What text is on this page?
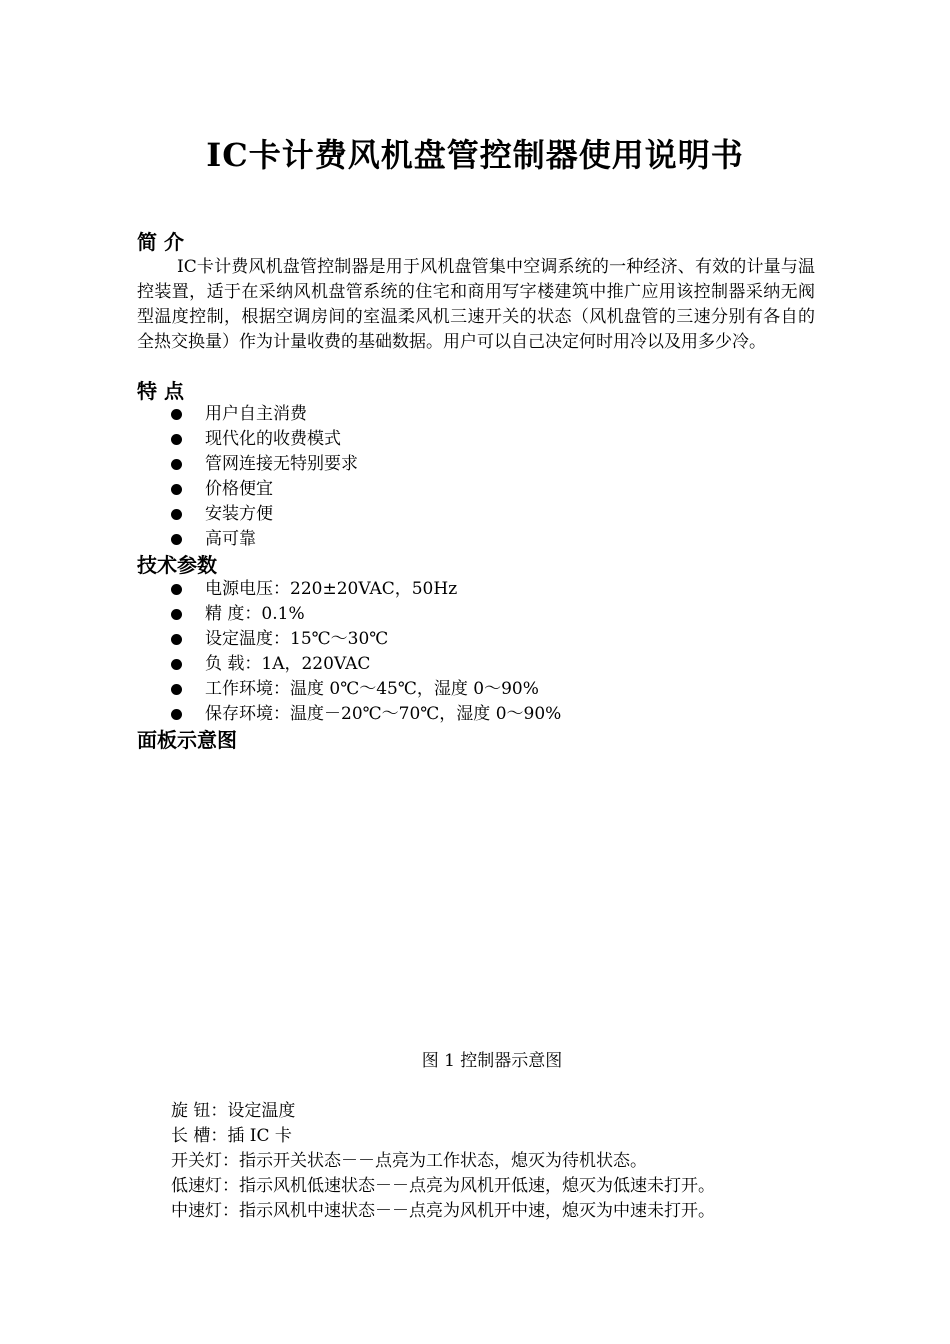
IC卡计费风机盘管控制器使用说明书
简 介
IC卡计费风机盘管控制器是用于风机盘管集中空调系统的一种经济、有效的计量与温控装置，适于在采纳风机盘管系统的住宅和商用写字楼建筑中推广应用该控制器采纳无阀型温度控制，根据空调房间的室温柔风机三速开关的状态（风机盘管的三速分别有各自的全热交换量）作为计量收费的基础数据。用户可以自己决定何时用冷以及用多少冷。
特 点
用户自主消费
现代化的收费模式
管网连接无特别要求
价格便宜
安装方便
高可靠
技术参数
电源电压：220±20VAC，50Hz
精 度：0.1%
设定温度：15℃～30℃
负 载：1A，220VAC
工作环境：温度 0℃～45℃，湿度 0～90%
保存环境：温度－20℃～70℃，湿度 0～90%
面板示意图
图 1 控制器示意图
旋 钮：设定温度
长 槽：插 IC 卡
开关灯：指示开关状态－－点亮为工作状态，熄灭为待机状态。
低速灯：指示风机低速状态－－点亮为风机开低速，熄灭为低速未打开。
中速灯：指示风机中速状态－－点亮为风机开中速，熄灭为中速未打开。
